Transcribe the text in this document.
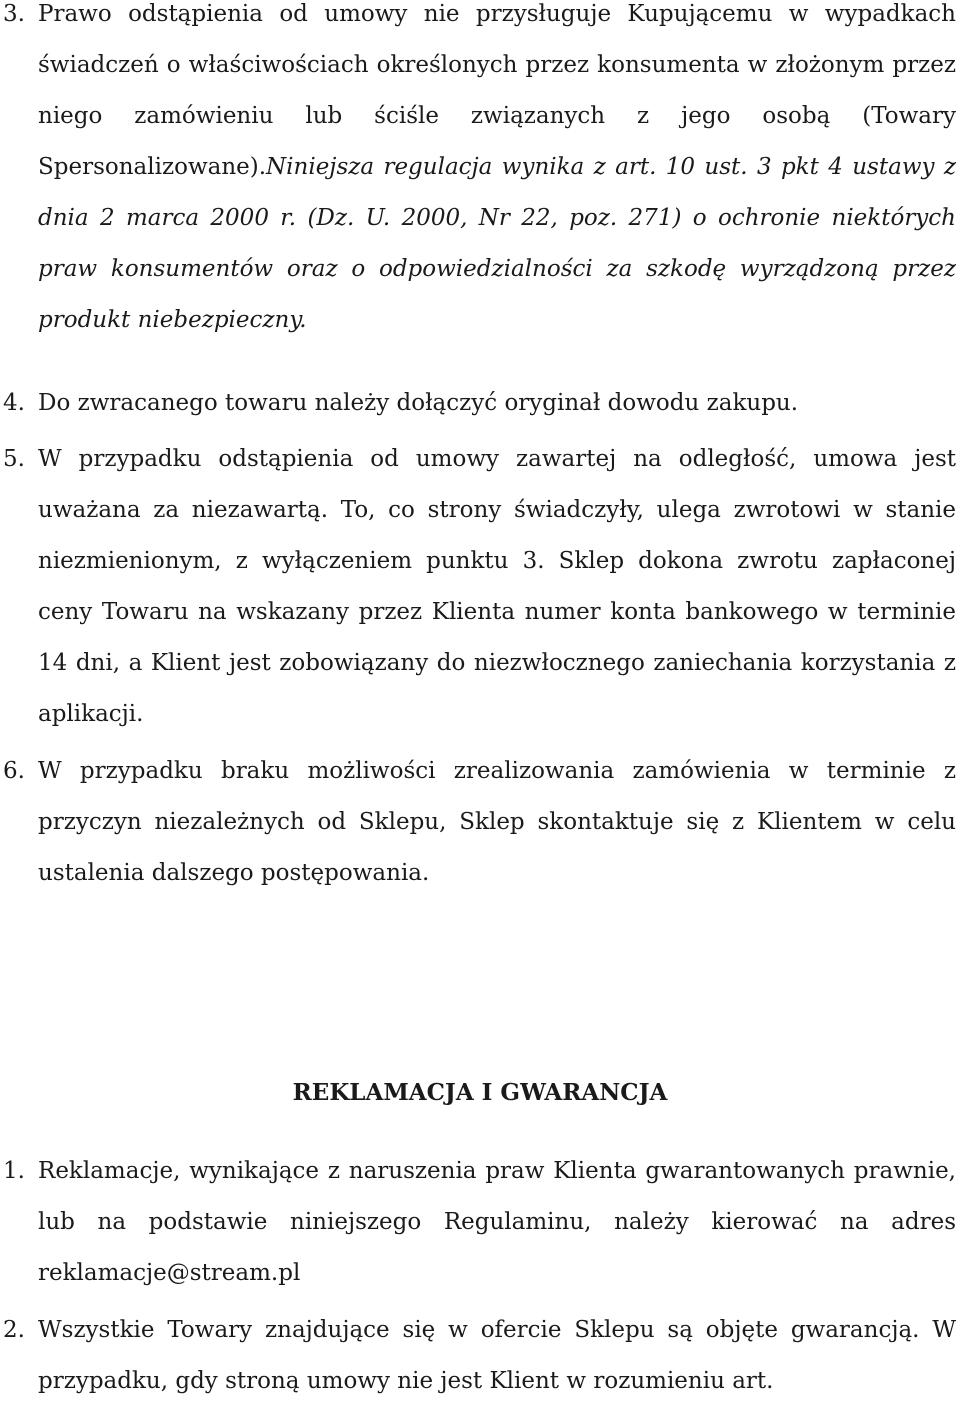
3. Prawo odstąpienia od umowy nie przysługuje Kupującemu w wypadkach świadczeń o właściwościach określonych przez konsumenta w złożonym przez niego zamówieniu lub ściśle związanych z jego osobą (Towary Spersonalizowane).Niniejsza regulacja wynika z art. 10 ust. 3 pkt 4 ustawy z dnia 2 marca 2000 r. (Dz. U. 2000, Nr 22, poz. 271) o ochronie niektórych praw konsumentów oraz o odpowiedzialności za szkodę wyrządzoną przez produkt niebezpieczny.
4. Do zwracanego towaru należy dołączyć oryginał dowodu zakupu.
5. W przypadku odstąpienia od umowy zawartej na odległość, umowa jest uważana za niezawartą. To, co strony świadczyły, ulega zwrotowi w stanie niezmienionym, z wyłączeniem punktu 3. Sklep dokona zwrotu zapłaconej ceny Towaru na wskazany przez Klienta numer konta bankowego w terminie 14 dni, a Klient jest zobowiązany do niezwłocznego zaniechania korzystania z aplikacji.
6. W przypadku braku możliwości zrealizowania zamówienia w terminie z przyczyn niezależnych od Sklepu, Sklep skontaktuje się z Klientem w celu ustalenia dalszego postępowania.
REKLAMACJA I GWARANCJA
1. Reklamacje, wynikające z naruszenia praw Klienta gwarantowanych prawnie, lub na podstawie niniejszego Regulaminu, należy kierować na adres reklamacje@stream.pl
2. Wszystkie Towary znajdujące się w ofercie Sklepu są objęte gwarancją. W przypadku, gdy stroną umowy nie jest Klient w rozumieniu art.
